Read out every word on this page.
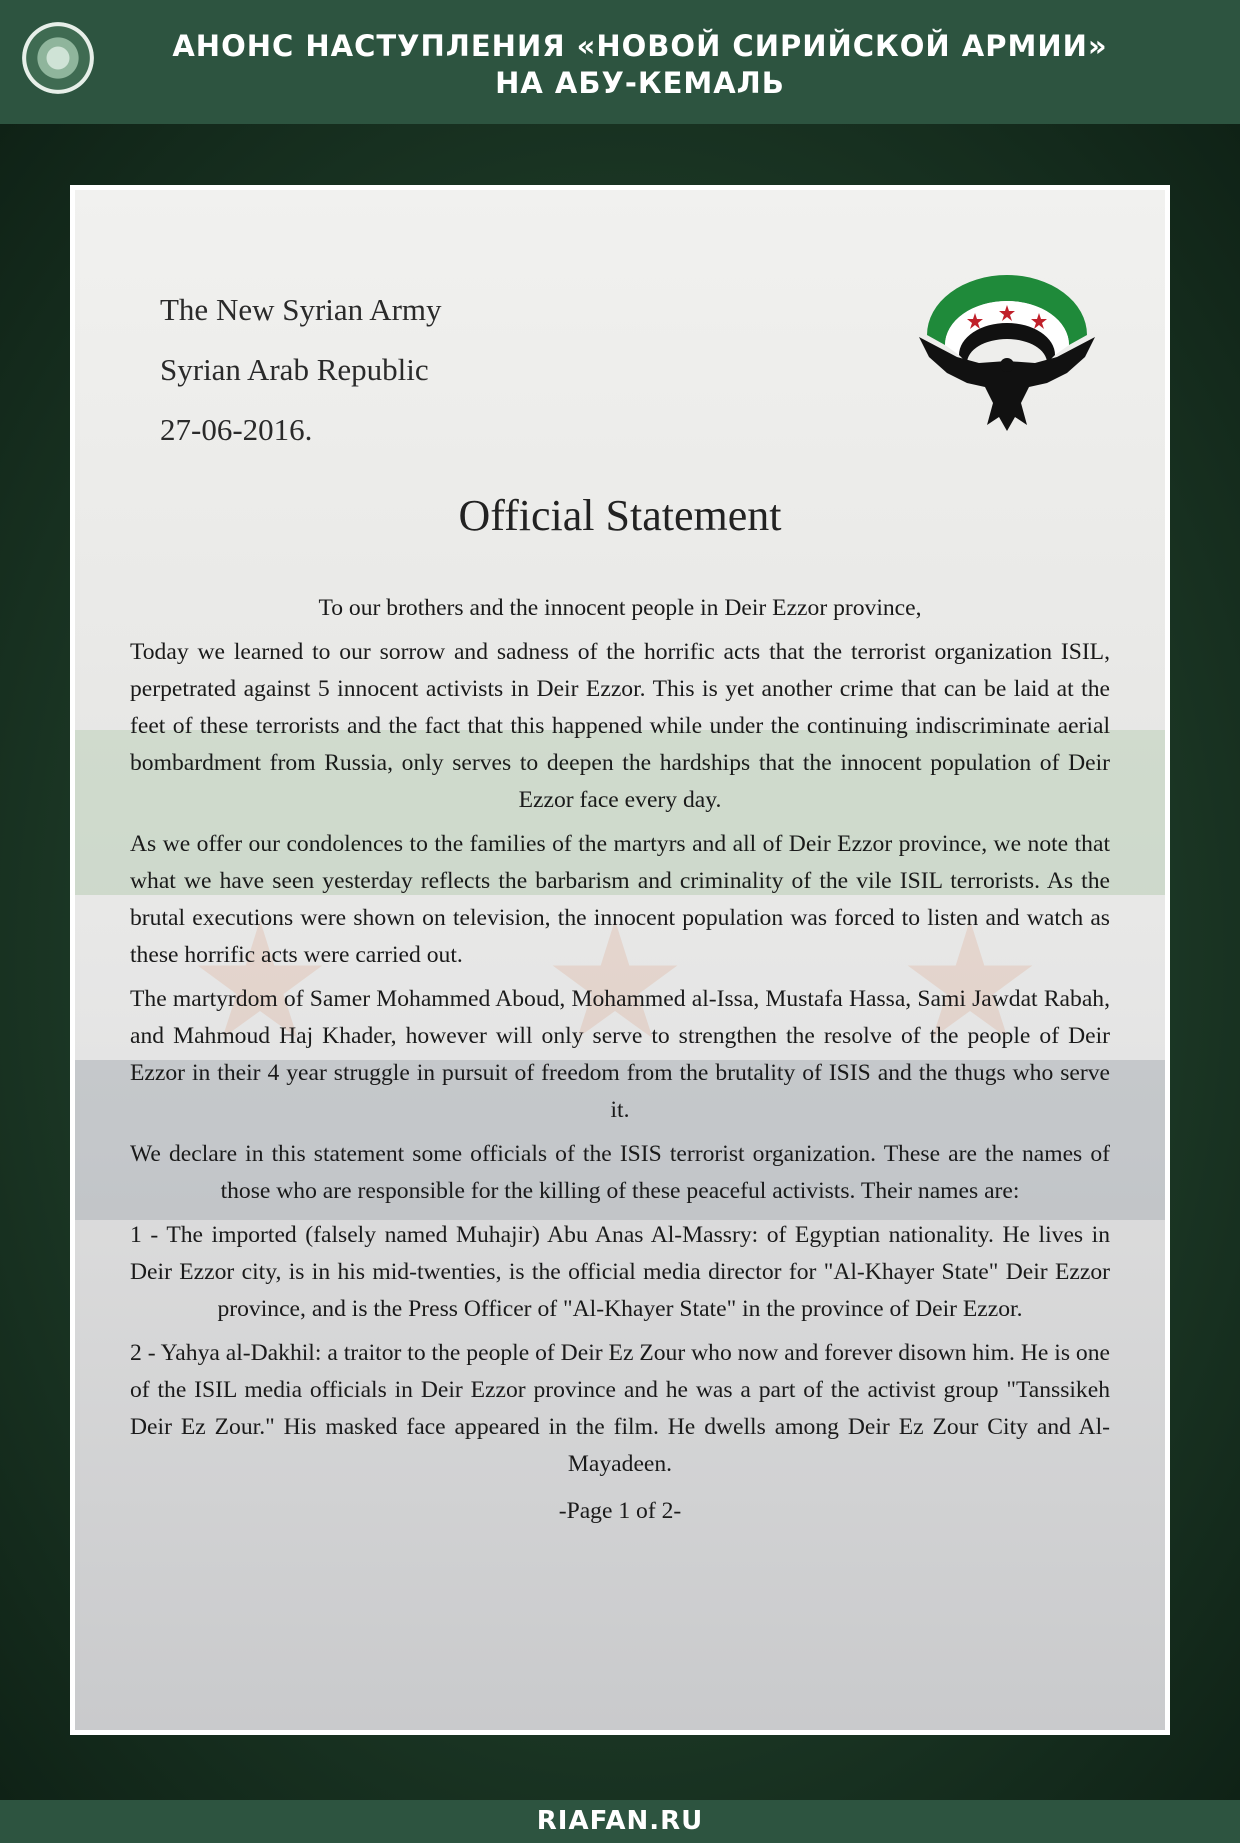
АНОНС НАСТУПЛЕНИЯ «НОВОЙ СИРИЙСКОЙ АРМИИ»
НА АБУ-КЕМАЛЬ
The New Syrian Army
Syrian Arab Republic
27-06-2016.
Official Statement

To our brothers and the innocent people in Deir Ezzor province,

Today we learned to our sorrow and sadness of the horrific acts that the terrorist organization ISIL, perpetrated against 5 innocent activists in Deir Ezzor. This is yet another crime that can be laid at the feet of these terrorists and the fact that this happened while under the continuing indiscriminate aerial bombardment from Russia, only serves to deepen the hardships that the innocent population of Deir Ezzor face every day.

As we offer our condolences to the families of the martyrs and all of Deir Ezzor province, we note that what we have seen yesterday reflects the barbarism and criminality of the vile ISIL terrorists. As the brutal executions were shown on television, the innocent population was forced to listen and watch as these horrific acts were carried out.

The martyrdom of Samer Mohammed Aboud, Mohammed al-Issa, Mustafa Hassa, Sami Jawdat Rabah, and Mahmoud Haj Khader, however will only serve to strengthen the resolve of the people of Deir Ezzor in their 4 year struggle in pursuit of freedom from the brutality of ISIS and the thugs who serve it.

We declare in this statement some officials of the ISIS terrorist organization. These are the names of those who are responsible for the killing of these peaceful activists. Their names are:

1 - The imported (falsely named Muhajir) Abu Anas Al-Massry: of Egyptian nationality. He lives in Deir Ezzor city, is in his mid-twenties, is the official media director for "Al-Khayer State" Deir Ezzor province, and is the Press Officer of "Al-Khayer State" in the province of Deir Ezzor.

2 - Yahya al-Dakhil: a traitor to the people of Deir Ez Zour who now and forever disown him. He is one of the ISIL media officials in Deir Ezzor province and he was a part of the activist group "Tanssikeh Deir Ez Zour." His masked face appeared in the film. He dwells among Deir Ez Zour City and Al-Mayadeen.

-Page 1 of 2-
RIAFAN.RU
